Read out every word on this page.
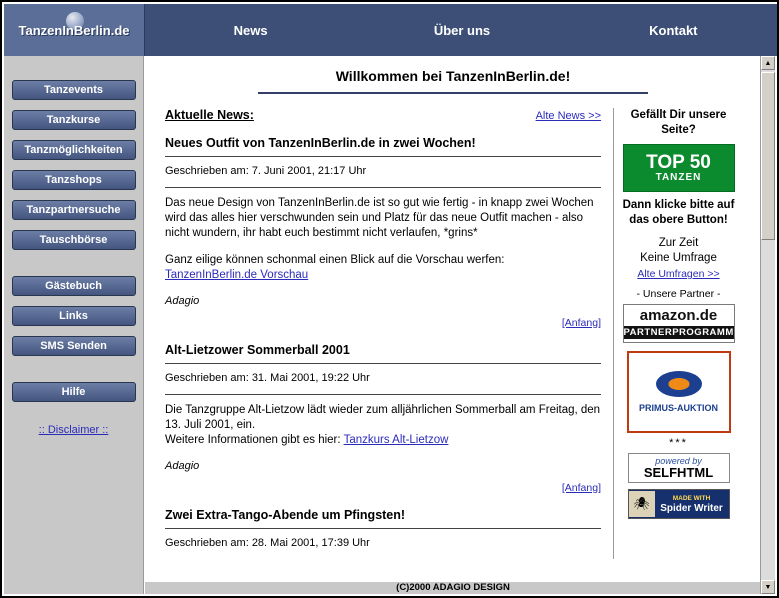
TanzenInBerlin.de	News	Über uns	Kontakt
Tanzevents
Tanzkurse
Tanzmöglichkeiten
Tanzshops
Tanzpartnersuche
Tauschbörse
Gästebuch
Links
SMS Senden
Hilfe
:: Disclaimer ::
Willkommen bei TanzenInBerlin.de!
Aktuelle News:	Alte News >>
Neues Outfit von TanzenInBerlin.de in zwei Wochen!
Geschrieben am: 7. Juni 2001, 21:17 Uhr
Das neue Design von TanzenInBerlin.de ist so gut wie fertig - in knapp zwei Wochen wird das alles hier verschwunden sein und Platz für das neue Outfit machen - also nicht wundern, ihr habt euch bestimmt nicht verlaufen, *grins*
Ganz eilige können schonmal einen Blick auf die Vorschau werfen:
TanzenInBerlin.de Vorschau
Adagio
[Anfang]
Alt-Lietzower Sommerball 2001
Geschrieben am: 31. Mai 2001, 19:22 Uhr
Die Tanzgruppe Alt-Lietzow lädt wieder zum alljährlichen Sommerball am Freitag, den 13. Juli 2001, ein.
Weitere Informationen gibt es hier: Tanzkurs Alt-Lietzow
Adagio
[Anfang]
Zwei Extra-Tango-Abende um Pfingsten!
Geschrieben am: 28. Mai 2001, 17:39 Uhr
Gefällt Dir unsere Seite?
TOP 50
TANZEN
Dann klicke bitte auf das obere Button!
Zur Zeit
Keine Umfrage
Alte Umfragen >>
- Unsere Partner -
amazon.de
PARTNERPROGRAMM
PRIMUS-AUKTION
***
powered by
SELFHTML
🕷	MADE WITH
Spider Writer
(C)2000 ADAGIO DESIGN
▲
▼
